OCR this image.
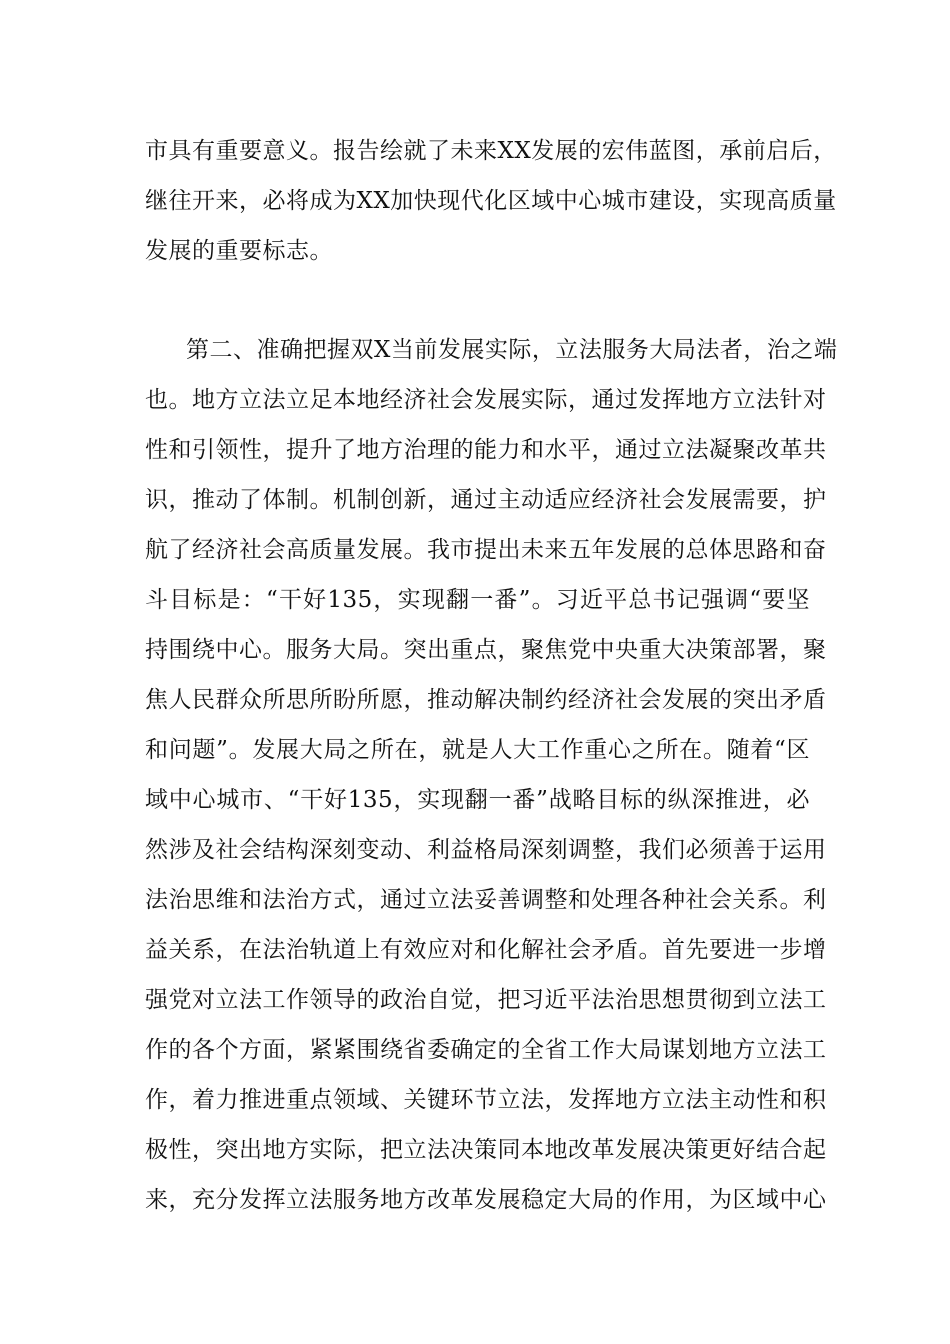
市具有重要意义。报告绘就了未来XX发展的宏伟蓝图，承前启后，
继往开来，必将成为XX加快现代化区域中心城市建设，实现高质量
发展的重要标志。
第二、准确把握双X当前发展实际，立法服务大局法者，治之端
也。地方立法立足本地经济社会发展实际，通过发挥地方立法针对
性和引领性，提升了地方治理的能力和水平，通过立法凝聚改革共
识，推动了体制。机制创新，通过主动适应经济社会发展需要，护
航了经济社会高质量发展。我市提出未来五年发展的总体思路和奋
斗目标是：“干好135，实现翻一番”。习近平总书记强调“要坚
持围绕中心。服务大局。突出重点，聚焦党中央重大决策部署，聚
焦人民群众所思所盼所愿，推动解决制约经济社会发展的突出矛盾
和问题”。发展大局之所在，就是人大工作重心之所在。随着“区
域中心城市、“干好135，实现翻一番”战略目标的纵深推进，必
然涉及社会结构深刻变动、利益格局深刻调整，我们必须善于运用
法治思维和法治方式，通过立法妥善调整和处理各种社会关系。利
益关系，在法治轨道上有效应对和化解社会矛盾。首先要进一步增
强党对立法工作领导的政治自觉，把习近平法治思想贯彻到立法工
作的各个方面，紧紧围绕省委确定的全省工作大局谋划地方立法工
作，着力推进重点领域、关键环节立法，发挥地方立法主动性和积
极性，突出地方实际，把立法决策同本地改革发展决策更好结合起
来，充分发挥立法服务地方改革发展稳定大局的作用，为区域中心
